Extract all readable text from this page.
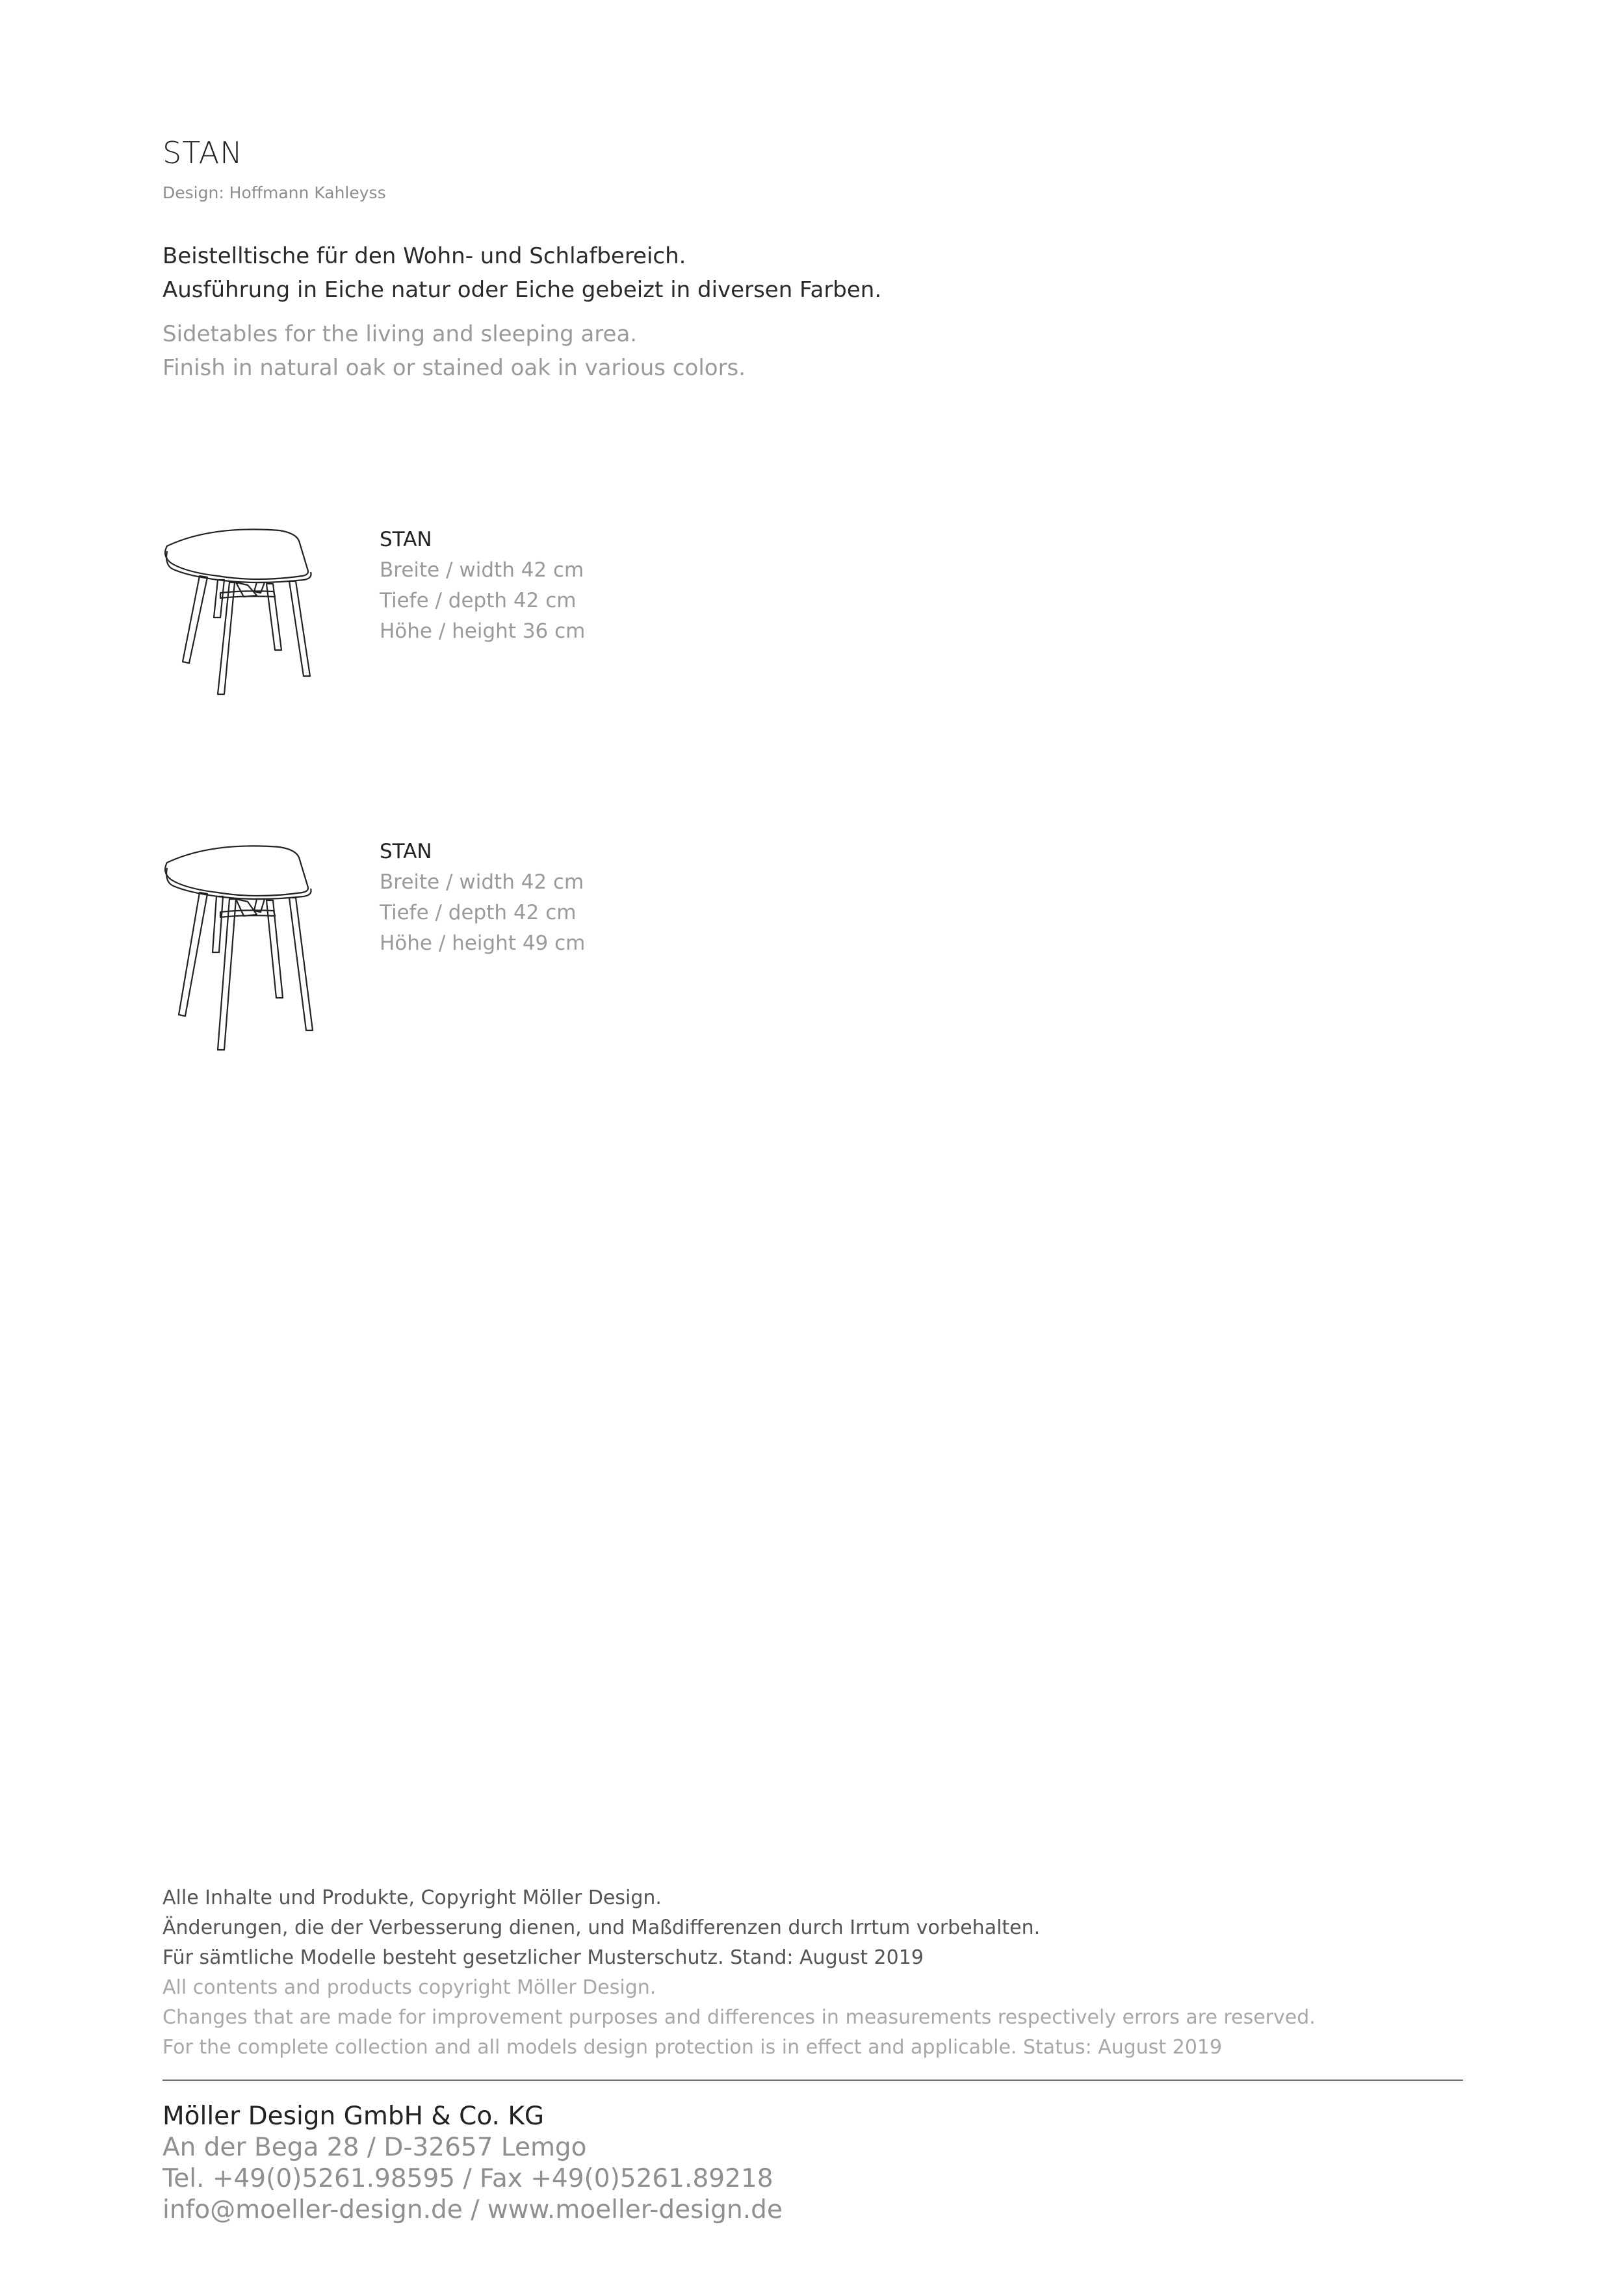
STAN
Design: Hoffmann Kahleyss
Beistelltische für den Wohn- und Schlafbereich.
Ausführung in Eiche natur oder Eiche gebeizt in diversen Farben.
Sidetables for the living and sleeping area.
Finish in natural oak or stained oak in various colors.
STAN
Breite / width 42 cm
Tiefe / depth 42 cm
Höhe / height 36 cm
STAN
Breite / width 42 cm
Tiefe / depth 42 cm
Höhe / height 49 cm
Alle Inhalte und Produkte, Copyright Möller Design.
Änderungen, die der Verbesserung dienen, und Maßdifferenzen durch Irrtum vorbehalten.
Für sämtliche Modelle besteht gesetzlicher Musterschutz. Stand: August 2019
All contents and products copyright Möller Design.
Changes that are made for improvement purposes and differences in measurements respectively errors are reserved.
For the complete collection and all models design protection is in effect and applicable. Status: August 2019
Möller Design GmbH & Co. KG
An der Bega 28 / D-32657 Lemgo
Tel. +49(0)5261.98595 / Fax +49(0)5261.89218
info@moeller-design.de / www.moeller-design.de
